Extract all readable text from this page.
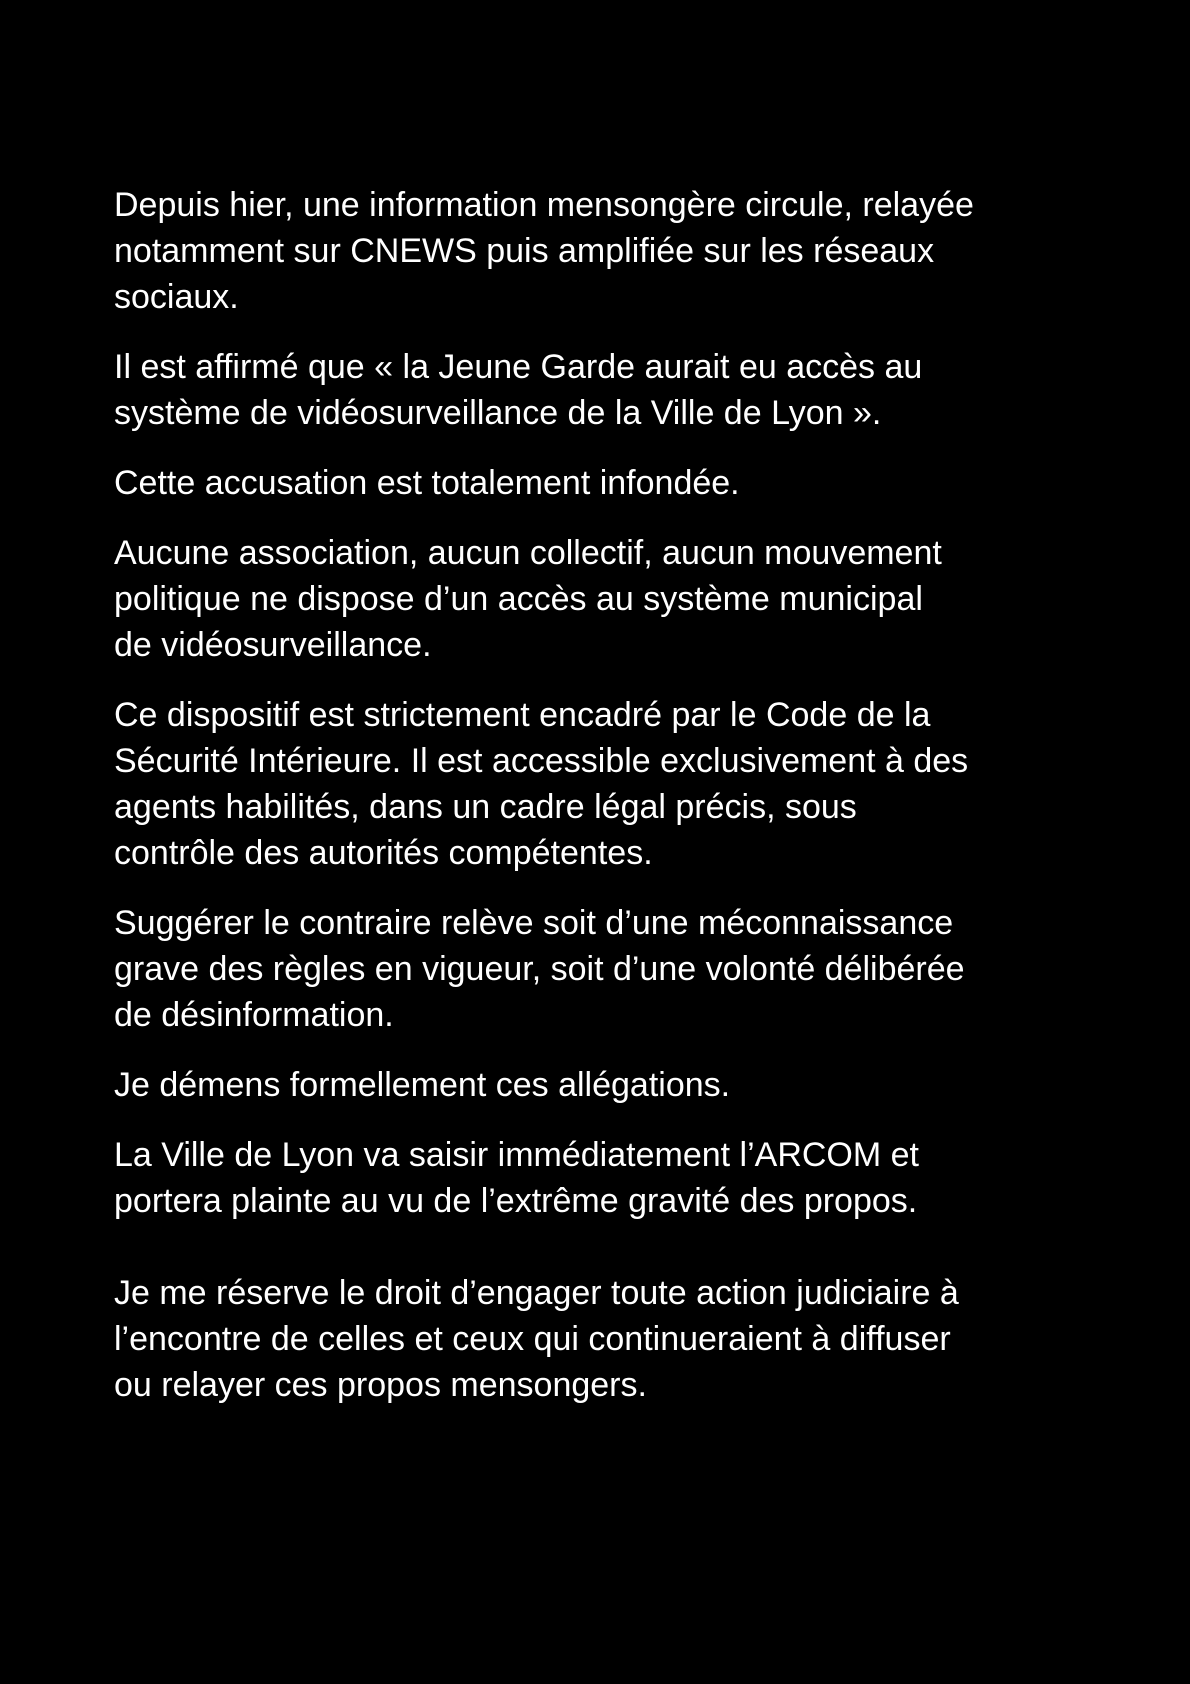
Depuis hier, une information mensongère circule, relayée
notamment sur CNEWS puis amplifiée sur les réseaux
sociaux.

Il est affirmé que « la Jeune Garde aurait eu accès au
système de vidéosurveillance de la Ville de Lyon ».

Cette accusation est totalement infondée.

Aucune association, aucun collectif, aucun mouvement
politique ne dispose d’un accès au système municipal
de vidéosurveillance.

Ce dispositif est strictement encadré par le Code de la
Sécurité Intérieure. Il est accessible exclusivement à des
agents habilités, dans un cadre légal précis, sous
contrôle des autorités compétentes.

Suggérer le contraire relève soit d’une méconnaissance
grave des règles en vigueur, soit d’une volonté délibérée
de désinformation.

Je démens formellement ces allégations.

La Ville de Lyon va saisir immédiatement l’ARCOM et
portera plainte au vu de l’extrême gravité des propos.

Je me réserve le droit d’engager toute action judiciaire à
l’encontre de celles et ceux qui continueraient à diffuser
ou relayer ces propos mensongers.
